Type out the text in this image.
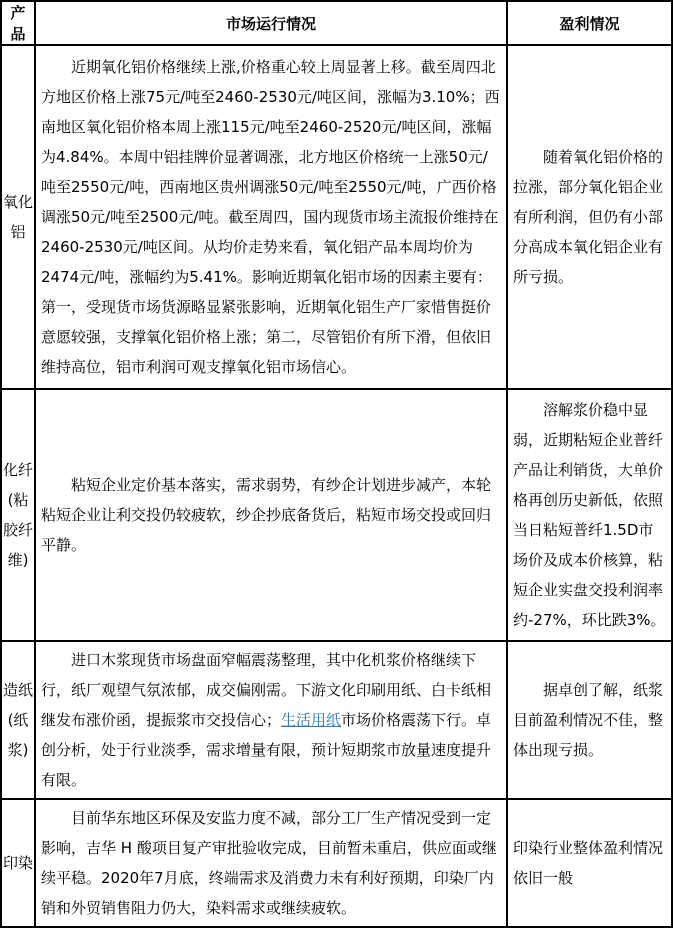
产品	市场运行情况	盈利情况
氧化铝	近期氧化铝价格继续上涨,价格重心较上周显著上移。截至周四北方地区价格上涨75元/吨至2460-2530元/吨区间，涨幅为3.10%；西南地区氧化铝价格本周上涨115元/吨至2460-2520元/吨区间，涨幅为4.84%。本周中铝挂牌价显著调涨，北方地区价格统一上涨50元/吨至2550元/吨，西南地区贵州调涨50元/吨至2550元/吨，广西价格调涨50元/吨至2500元/吨。截至周四，国内现货市场主流报价维持在2460-2530元/吨区间。从均价走势来看，氧化铝产品本周均价为2474元/吨，涨幅约为5.41%。影响近期氧化铝市场的因素主要有：第一，受现货市场货源略显紧张影响，近期氧化铝生产厂家惜售挺价意愿较强，支撑氧化铝价格上涨；第二，尽管铝价有所下滑，但依旧维持高位，铝市利润可观支撑氧化铝市场信心。	随着氧化铝价格的拉涨，部分氧化铝企业有所利润，但仍有小部分高成本氧化铝企业有所亏损。

化纤(粘胶纤维)	粘短企业定价基本落实，需求弱势，有纱企计划进步减产，本轮粘短企业让利交投仍较疲软，纱企抄底备货后，粘短市场交投或回归平静。	溶解浆价稳中显弱，近期粘短企业普纤产品让利销货，大单价格再创历史新低，依照当日粘短普纤1.5D市场价及成本价核算，粘短企业实盘交投利润率约-27%，环比跌3%。

造纸(纸浆)	进口木浆现货市场盘面窄幅震荡整理，其中化机浆价格继续下行，纸厂观望气氛浓郁，成交偏刚需。下游文化印刷用纸、白卡纸相继发布涨价函，提振浆市交投信心；生活用纸市场价格震荡下行。卓创分析，处于行业淡季，需求增量有限，预计短期浆市放量速度提升有限。	据卓创了解，纸浆目前盈利情况不佳，整体出现亏损。

印染	目前华东地区环保及安监力度不减，部分工厂生产情况受到一定影响，吉华 H 酸项目复产审批验收完成，目前暂未重启，供应面或继续平稳。2020年7月底，终端需求及消费力未有利好预期，印染厂内销和外贸销售阻力仍大，染料需求或继续疲软。	印染行业整体盈利情况依旧一般
